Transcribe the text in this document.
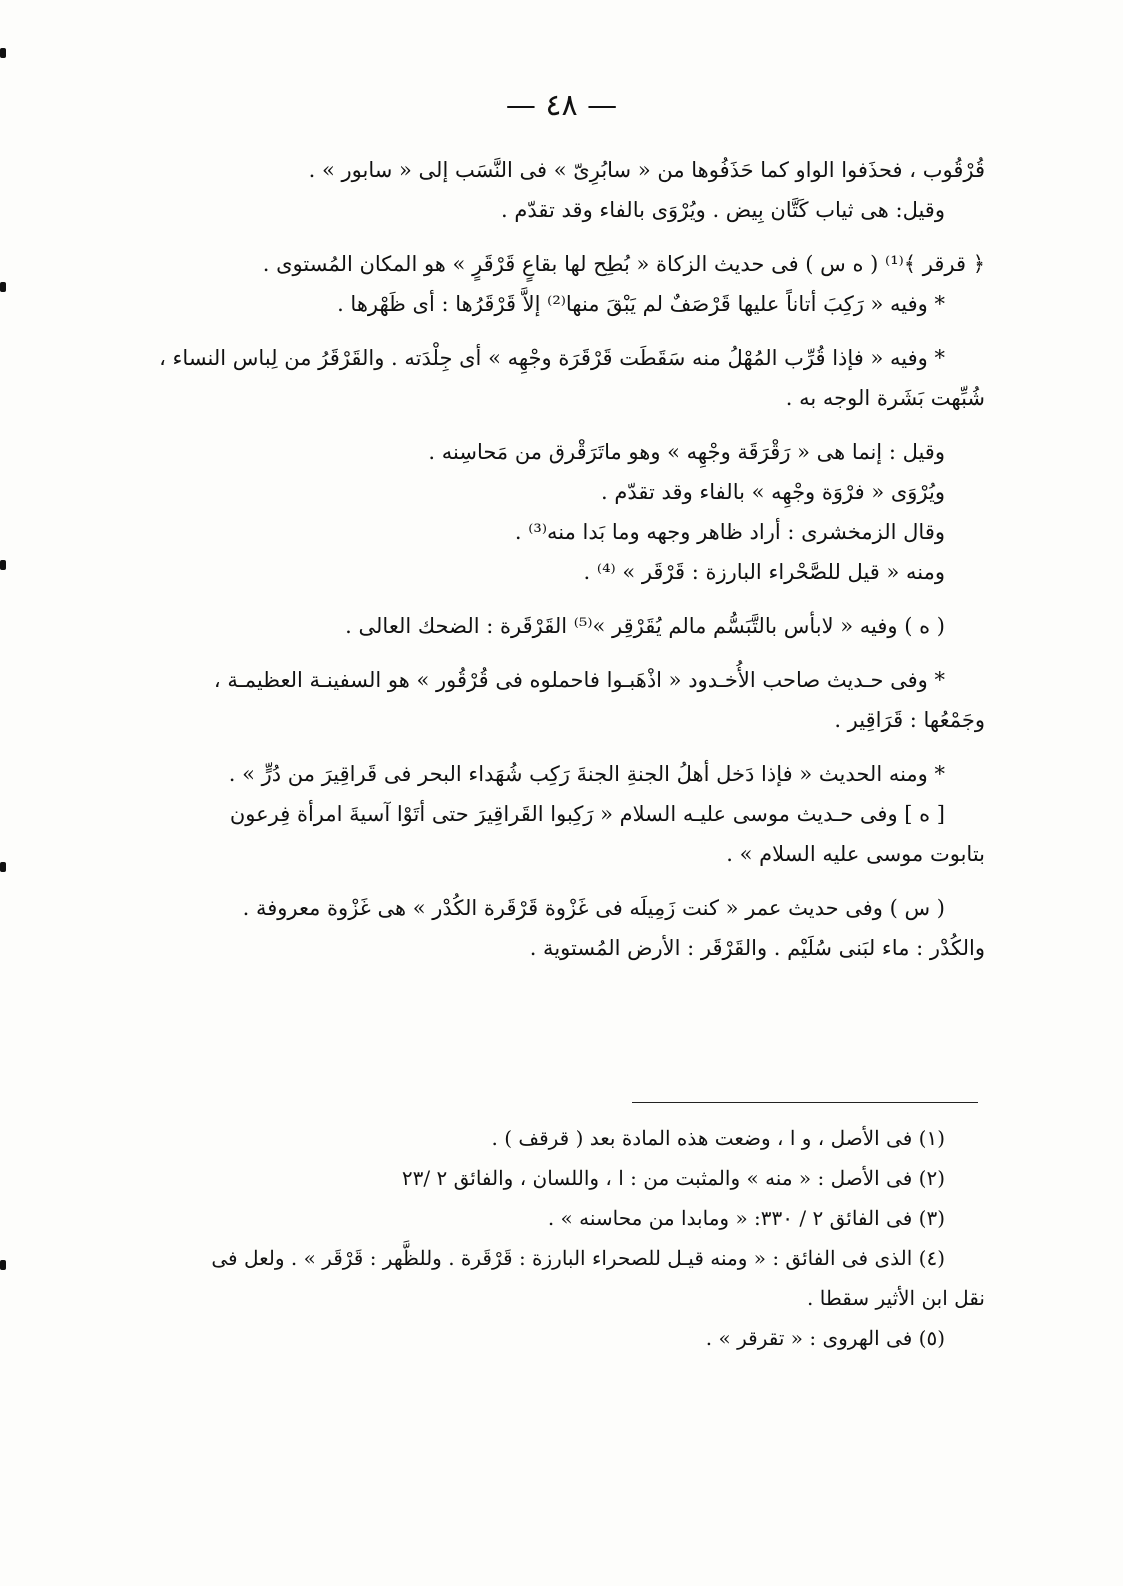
— ٤٨ —
قُرْقُوب ، فحذَفوا الواو كما حَذَفُوها من « سابُرِىّ » فى النَّسَب إلى « سابور » .
وقيل: هى ثياب كَتَّان بِيض . ويُرْوَى بالفاء وقد تقدّم .
﴿ قرقر ﴾⁽¹⁾ ( ه س ) فى حديث الزكاة « بُطِح لها بقاعٍ قَرْقَرٍ » هو المكان المُستوى .
* وفيه « رَكِبَ أتاناً عليها قَرْصَفٌ لم يَبْقَ منها⁽²⁾ إلاَّ قَرْقَرُها : أى ظَهْرها .
* وفيه « فإذا قُرِّب المُهْلُ منه سَقَطَت قَرْقَرَة وجْهِه » أى جِلْدَته . والقَرْقَرُ من لِباس النساء ،
شُبِّهت بَشَرة الوجه به .
وقيل : إنما هى « رَقْرَقَة وجْهِه » وهو ماتَرَقْرق من مَحاسِنه .
ويُرْوَى « فرْوَة وجْهِه » بالفاء وقد تقدّم .
وقال الزمخشرى : أراد ظاهر وجهه وما بَدا منه⁽³⁾ .
ومنه « قيل للصَّحْراء البارزة : قَرْقَر » ⁽⁴⁾ .
( ه ) وفيه « لابأس بالتَّبَسُّم مالم يُقَرْقِر »⁽⁵⁾ القَرْقَرة : الضحك العالى .
* وفى حـديث صاحب الأُخـدود « اذْهَبـوا فاحملوه فى قُرْقُور » هو السفينـة العظيمـة ،
وجَمْعُها : قَرَاقِير .
* ومنه الحديث « فإذا دَخل أهلُ الجنةِ الجنةَ رَكِب شُهَداء البحر فى قَراقِيرَ من دُرٍّ » .
[ ه ] وفى حـديث موسى عليـه السلام « رَكِبوا القَراقِيرَ حتى أتَوْا آسيةَ امرأة فِرعون
بتابوت موسى عليه السلام » .
( س ) وفى حديث عمر « كنت زَمِيلَه فى غَزْوة قَرْقَرة الكُدْر » هى غَزْوة معروفة .
والكُدْر : ماء لبَنى سُلَيْم . والقَرْقَر : الأرض المُستوية .
(١) فى الأصل ، و ا ، وضعت هذه المادة بعد ( قرقف ) .
(٢) فى الأصل : « منه » والمثبت من : ا ، واللسان ، والفائق ٢ /٢٣
(٣) فى الفائق ٢ / ٣٣٠: « ومابدا من محاسنه » .
(٤) الذى فى الفائق : « ومنه قيـل للصحراء البارزة : قَرْقَرة . وللظَّهر : قَرْقَر » . ولعل فى
نقل ابن الأثير سقطا .
(٥) فى الهروى : « تقرقر » .
